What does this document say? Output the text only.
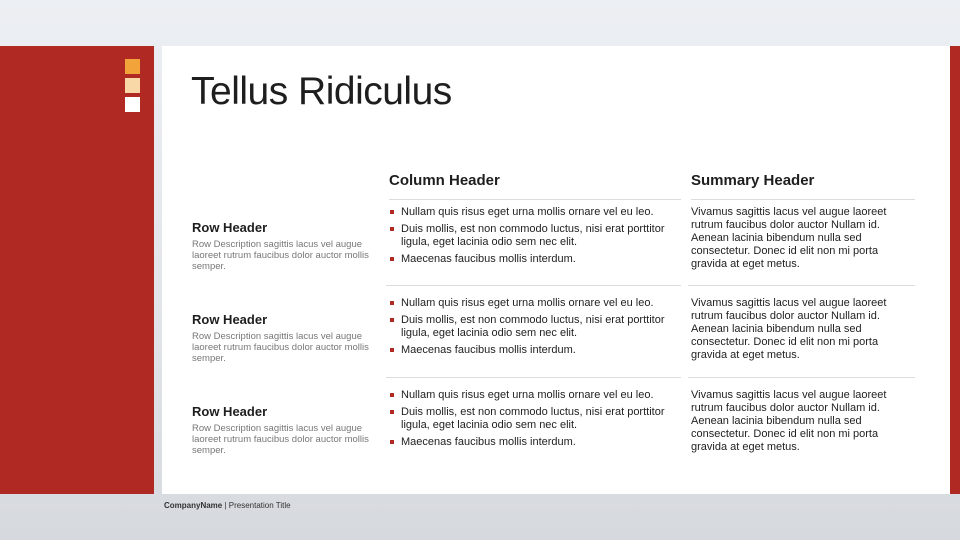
Tellus Ridiculus
Column Header	Summary Header

Row Header

Row Description sagittis lacus vel augue laoreet rutrum faucibus dolor auctor mollis semper.

Nullam quis risus eget urna mollis ornare vel eu leo.
Duis mollis, est non commodo luctus, nisi erat porttitor ligula, eget lacinia odio sem nec elit.
Maecenas faucibus mollis interdum.

Vivamus sagittis lacus vel augue laoreet rutrum faucibus dolor auctor Nullam id. Aenean lacinia bibendum nulla sed consectetur. Donec id elit non mi porta gravida at eget metus.

Row Header

Row Description sagittis lacus vel augue laoreet rutrum faucibus dolor auctor mollis semper.

Nullam quis risus eget urna mollis ornare vel eu leo.
Duis mollis, est non commodo luctus, nisi erat porttitor ligula, eget lacinia odio sem nec elit.
Maecenas faucibus mollis interdum.

Vivamus sagittis lacus vel augue laoreet rutrum faucibus dolor auctor Nullam id. Aenean lacinia bibendum nulla sed consectetur. Donec id elit non mi porta gravida at eget metus.

Row Header

Row Description sagittis lacus vel augue laoreet rutrum faucibus dolor auctor mollis semper.

Nullam quis risus eget urna mollis ornare vel eu leo.
Duis mollis, est non commodo luctus, nisi erat porttitor ligula, eget lacinia odio sem nec elit.
Maecenas faucibus mollis interdum.

Vivamus sagittis lacus vel augue laoreet rutrum faucibus dolor auctor Nullam id. Aenean lacinia bibendum nulla sed consectetur. Donec id elit non mi porta gravida at eget metus.

CompanyName | Presentation Title
